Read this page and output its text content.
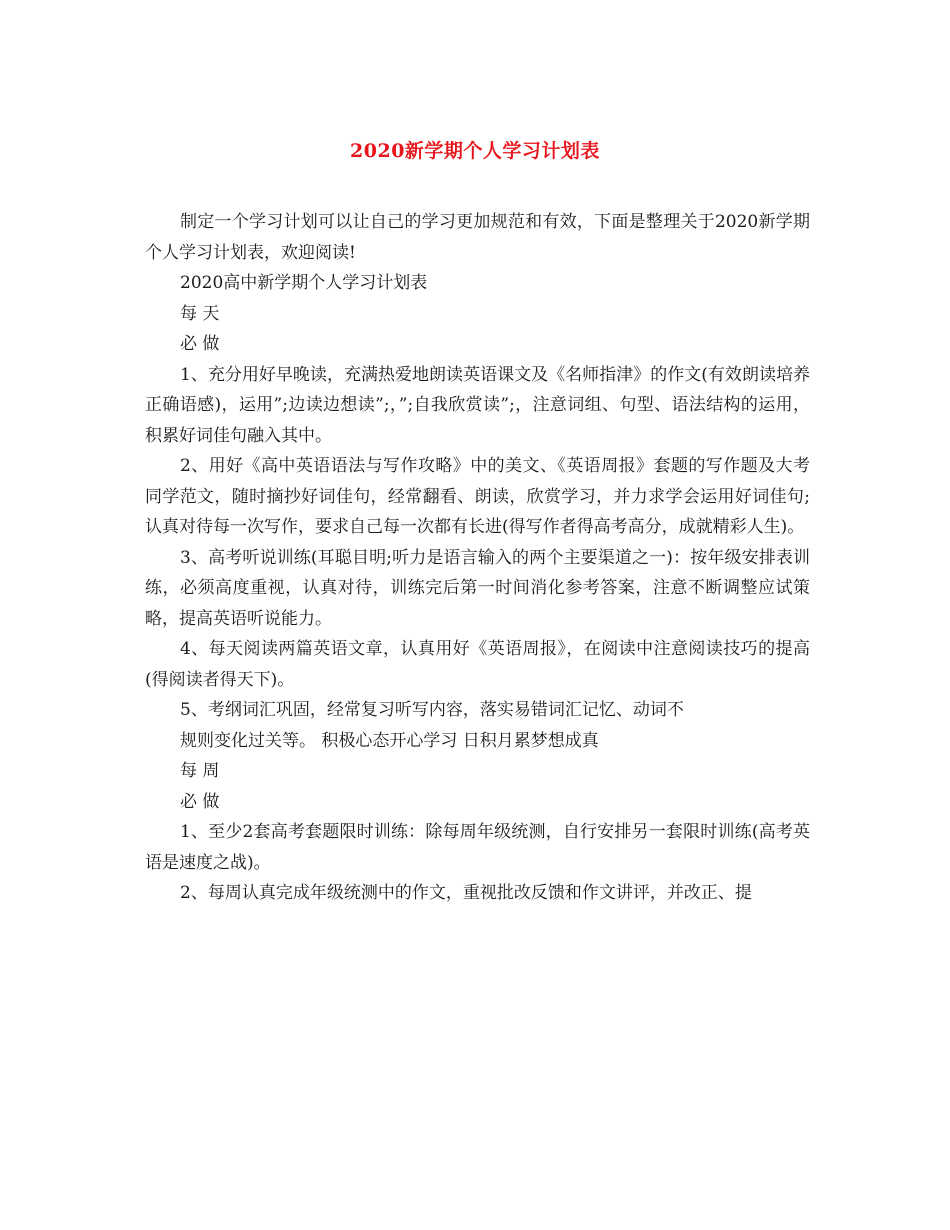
2020新学期个人学习计划表

制定一个学习计划可以让自己的学习更加规范和有效，下面是整理关于2020新学期个人学习计划表，欢迎阅读!

2020高中新学期个人学习计划表

每 天

必 做

1、充分用好早晚读，充满热爱地朗读英语课文及《名师指津》的作文(有效朗读培养正确语感)，运用”;边读边想读”;，”;自我欣赏读”;，注意词组、句型、语法结构的运用，积累好词佳句融入其中。

2、用好《高中英语语法与写作攻略》中的美文、《英语周报》套题的写作题及大考同学范文，随时摘抄好词佳句，经常翻看、朗读，欣赏学习，并力求学会运用好词佳句;认真对待每一次写作，要求自己每一次都有长进(得写作者得高考高分，成就精彩人生)。

3、高考听说训练(耳聪目明;听力是语言输入的两个主要渠道之一)：按年级安排表训练，必须高度重视，认真对待，训练完后第一时间消化参考答案，注意不断调整应试策略，提高英语听说能力。

4、每天阅读两篇英语文章，认真用好《英语周报》，在阅读中注意阅读技巧的提高(得阅读者得天下)。

5、考纲词汇巩固，经常复习听写内容，落实易错词汇记忆、动词不

规则变化过关等。 积极心态开心学习 日积月累梦想成真

每 周

必 做

1、至少2套高考套题限时训练：除每周年级统测，自行安排另一套限时训练(高考英语是速度之战)。

2、每周认真完成年级统测中的作文，重视批改反馈和作文讲评，并改正、提
